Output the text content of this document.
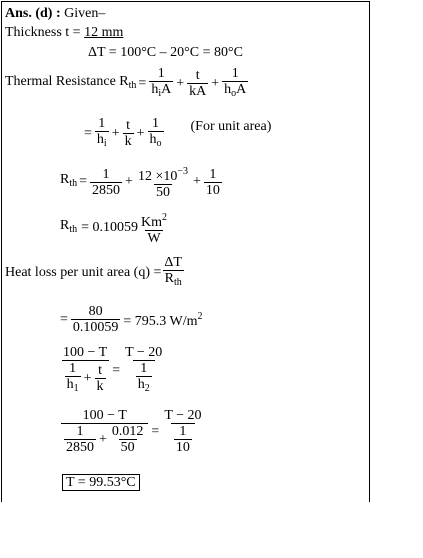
Ans. (d) : Given–
Thickness t = 12 mm
ΔT = 100°C – 20°C = 80°C
Thermal Resistance $R_{th} = \frac{1}{h_iA} + \frac{t}{kA} + \frac{1}{h_oA}$
= $\frac{1}{h_i} + \frac{t}{k} + \frac{1}{h_o} (For$ unit area)
$R_{th} = \frac{1}{2850} + \frac{12 \times 10^{-3}}{50} + \frac{1}{10}$
$R_{th} = 0.10059 \frac{Km^2}{W}$
Heat loss per unit area $(q) = \frac{\Delta T}{R_{th}}$
= $\frac{80}{0.10059} = 795.3$ $W/m^2$
$\frac{100 - T}{\frac{1}{h_1} + \frac{t}{k}} = \frac{T - 20}{\frac{1}{h_2}}$
$\frac{100 - T}{\frac{1}{2850} + \frac{0.012}{50}} = \frac{T - 20}{\frac{1}{10}}$
T = 99.53°C
